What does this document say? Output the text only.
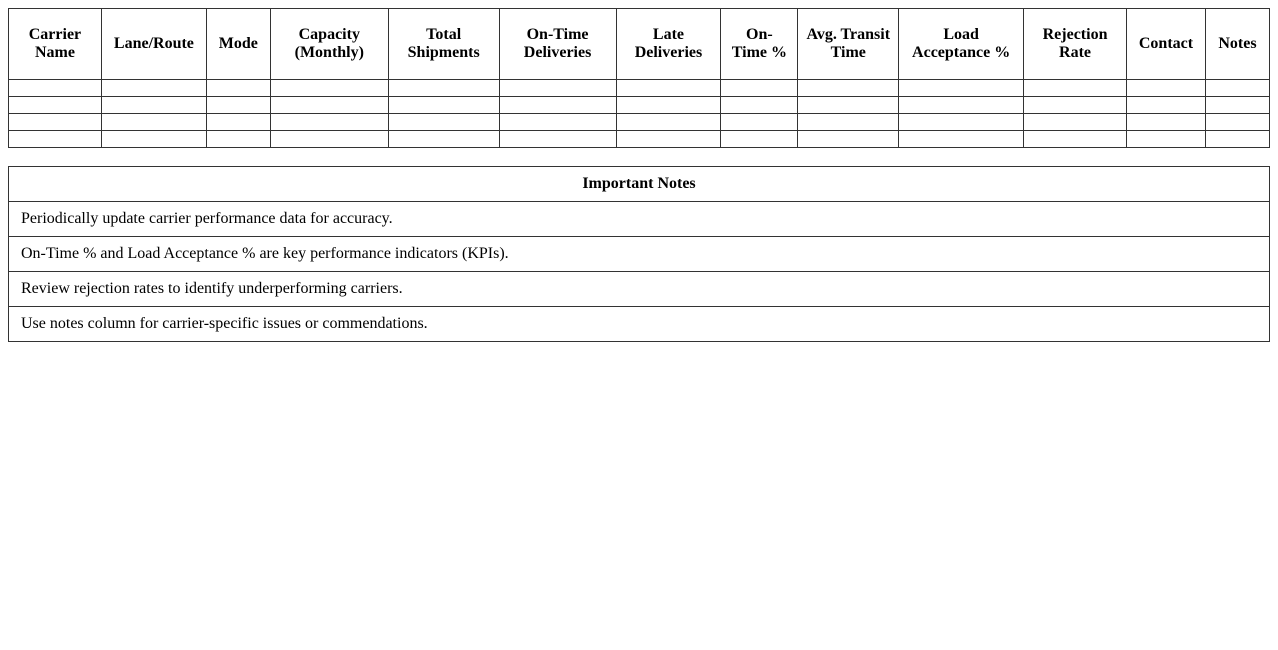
Carrier Name	Lane/Route	Mode	Capacity (Monthly)	Total Shipments	On-Time Deliveries	Late Deliveries	On-Time %	Avg. Transit Time	Load Acceptance %	Rejection Rate	Contact	Notes

Important Notes
Periodically update carrier performance data for accuracy.
On-Time % and Load Acceptance % are key performance indicators (KPIs).
Review rejection rates to identify underperforming carriers.
Use notes column for carrier-specific issues or commendations.
